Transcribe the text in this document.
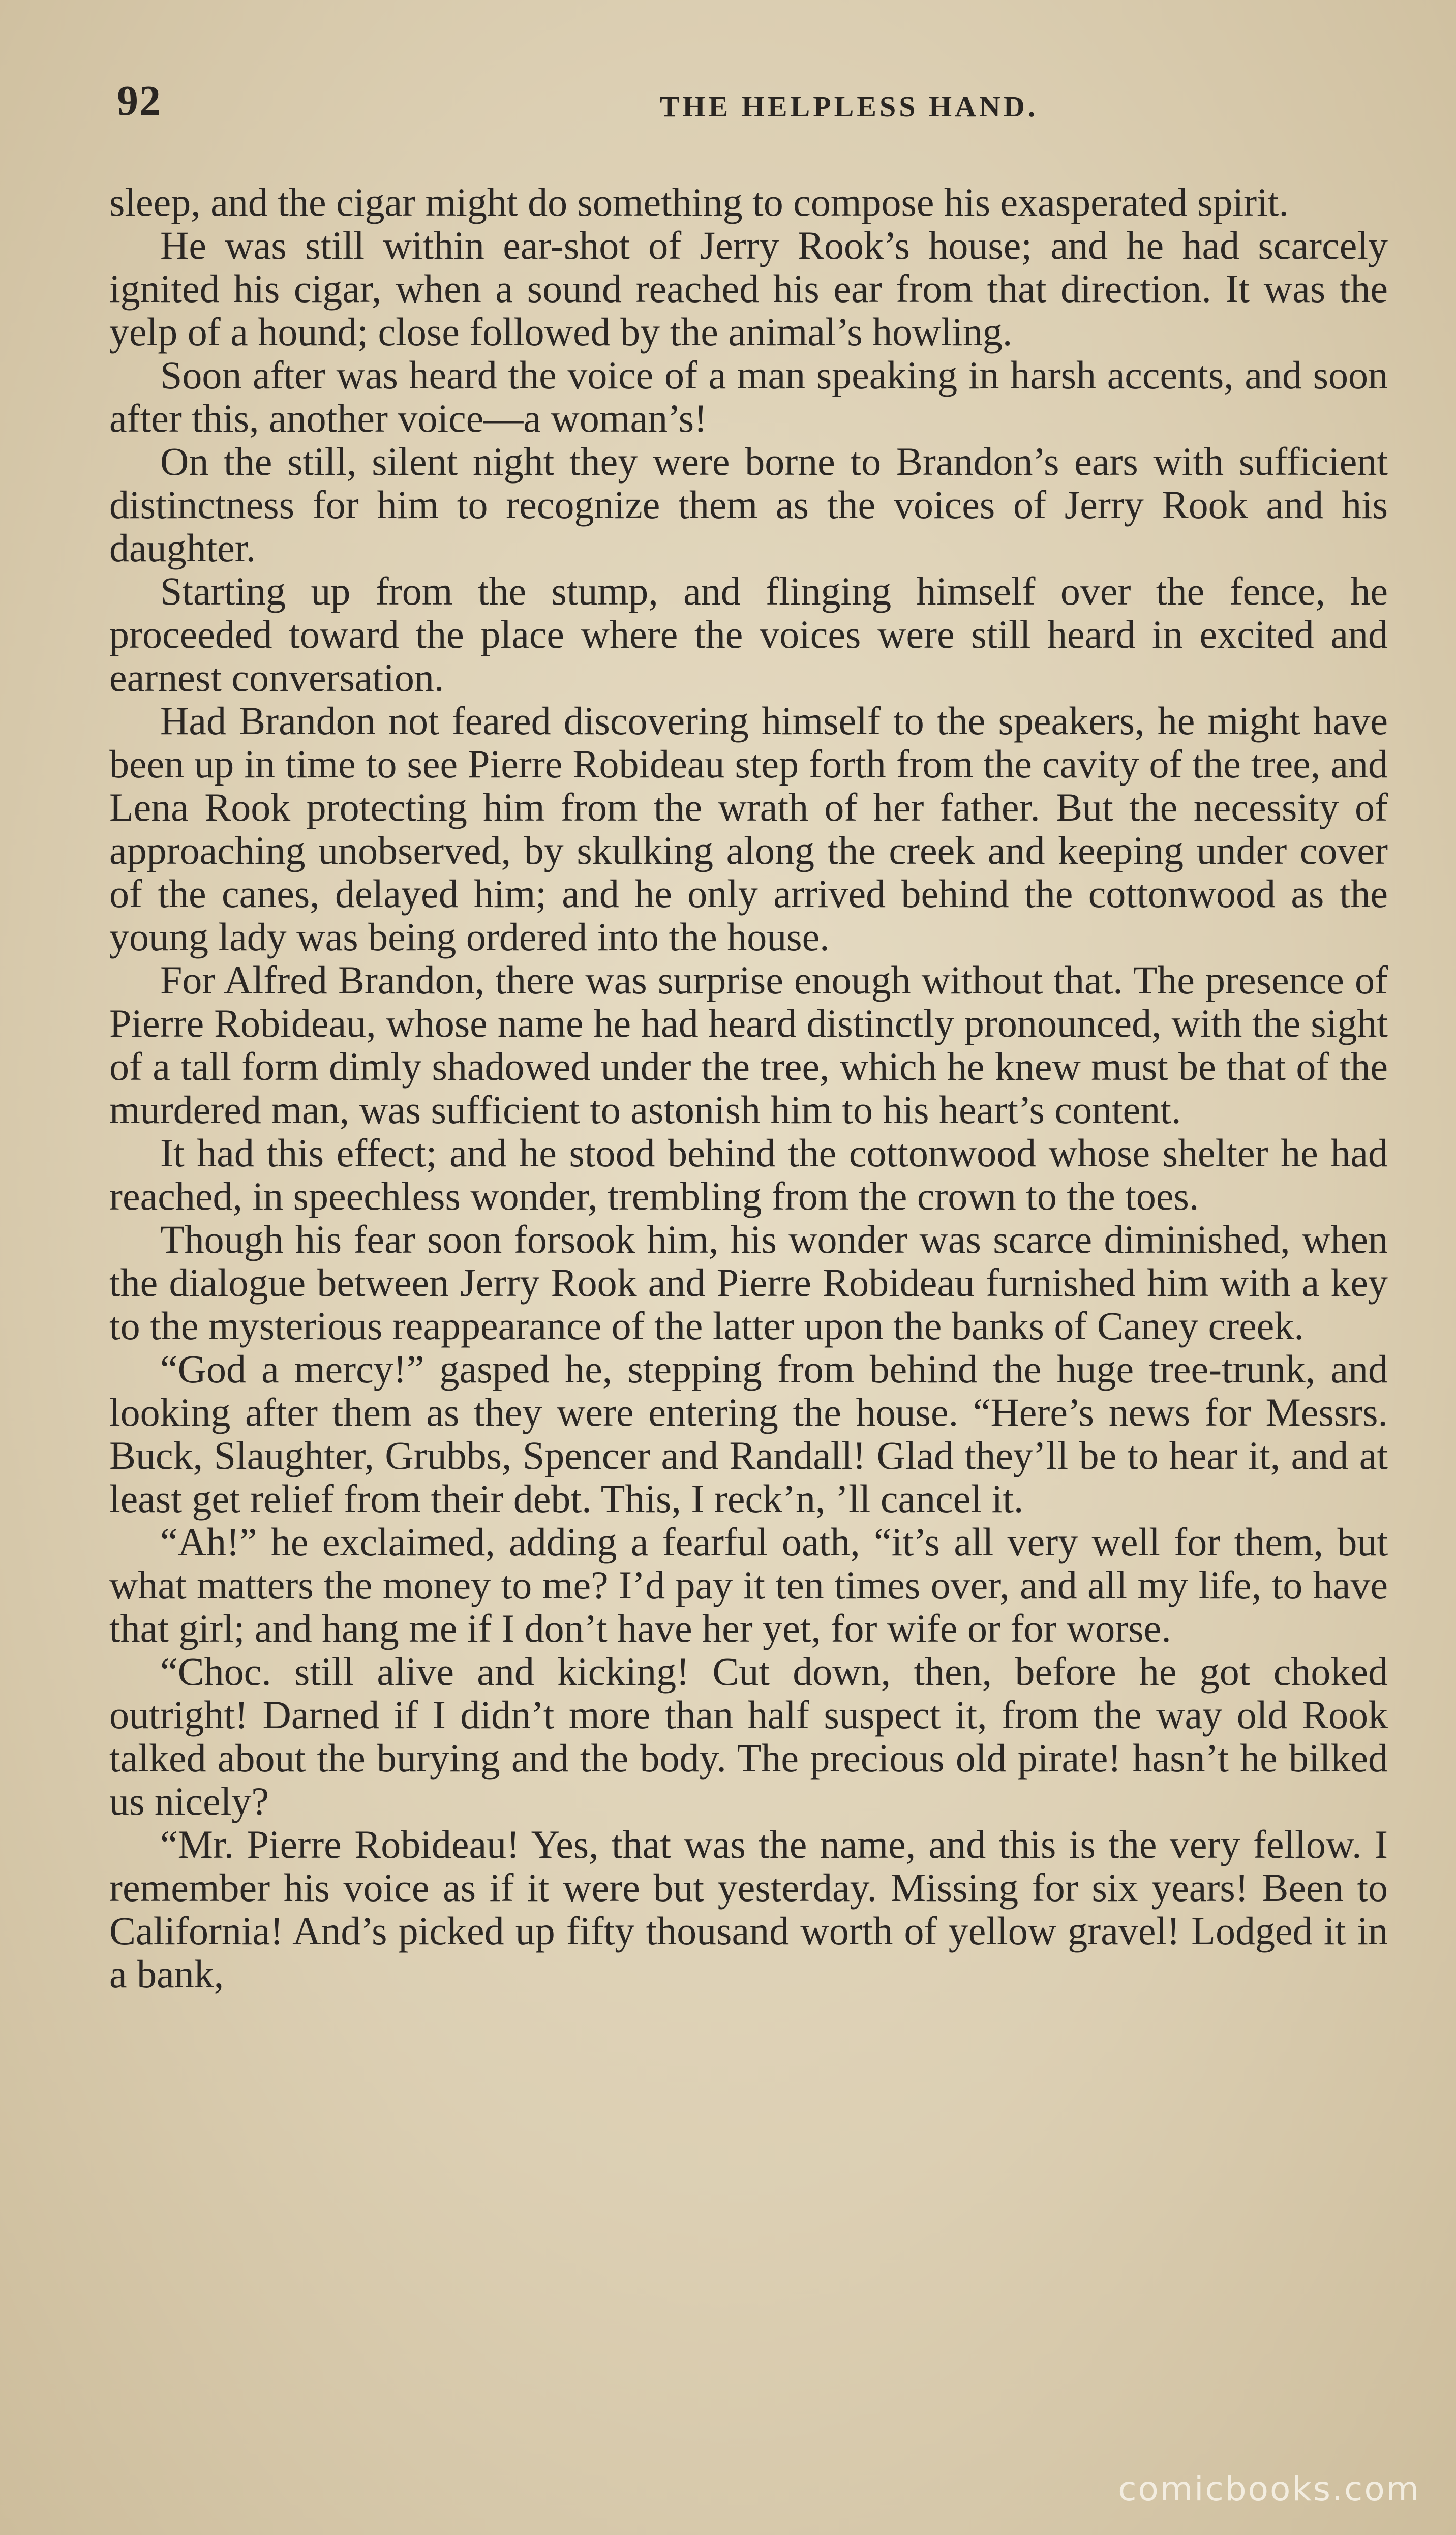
92	THE HELPLESS HAND.

sleep, and the cigar might do something to compose his exasperated spirit.

He was still within ear-shot of Jerry Rook’s house; and he had scarcely ignited his cigar, when a sound reached his ear from that direction. It was the yelp of a hound; close followed by the animal’s howling.

Soon after was heard the voice of a man speaking in harsh accents, and soon after this, another voice—a woman’s!

On the still, silent night they were borne to Brandon’s ears with sufficient distinctness for him to recognize them as the voices of Jerry Rook and his daughter.

Starting up from the stump, and flinging himself over the fence, he proceeded toward the place where the voices were still heard in excited and earnest conversation.

Had Brandon not feared discovering himself to the speakers, he might have been up in time to see Pierre Robideau step forth from the cavity of the tree, and Lena Rook protecting him from the wrath of her father. But the necessity of approaching unobserved, by skulking along the creek and keeping under cover of the canes, delayed him; and he only arrived behind the cottonwood as the young lady was being ordered into the house.

For Alfred Brandon, there was surprise enough without that. The presence of Pierre Robideau, whose name he had heard distinctly pronounced, with the sight of a tall form dimly shadowed under the tree, which he knew must be that of the murdered man, was sufficient to astonish him to his heart’s content.

It had this effect; and he stood behind the cottonwood whose shelter he had reached, in speechless wonder, trembling from the crown to the toes.

Though his fear soon forsook him, his wonder was scarce diminished, when the dialogue between Jerry Rook and Pierre Robideau furnished him with a key to the mysterious reappearance of the latter upon the banks of Caney creek.

“God a mercy!” gasped he, stepping from behind the huge tree-trunk, and looking after them as they were entering the house. “Here’s news for Messrs. Buck, Slaughter, Grubbs, Spencer and Randall! Glad they’ll be to hear it, and at least get relief from their debt. This, I reck’n, ’ll cancel it.

“Ah!” he exclaimed, adding a fearful oath, “it’s all very well for them, but what matters the money to me? I’d pay it ten times over, and all my life, to have that girl; and hang me if I don’t have her yet, for wife or for worse.

“Choc. still alive and kicking! Cut down, then, before he got choked outright! Darned if I didn’t more than half suspect it, from the way old Rook talked about the burying and the body. The precious old pirate! hasn’t he bilked us nicely?

“Mr. Pierre Robideau! Yes, that was the name, and this is the very fellow. I remember his voice as if it were but yesterday. Missing for six years! Been to California! And’s picked up fifty thousand worth of yellow gravel! Lodged it in a bank,

comicbooks.com
